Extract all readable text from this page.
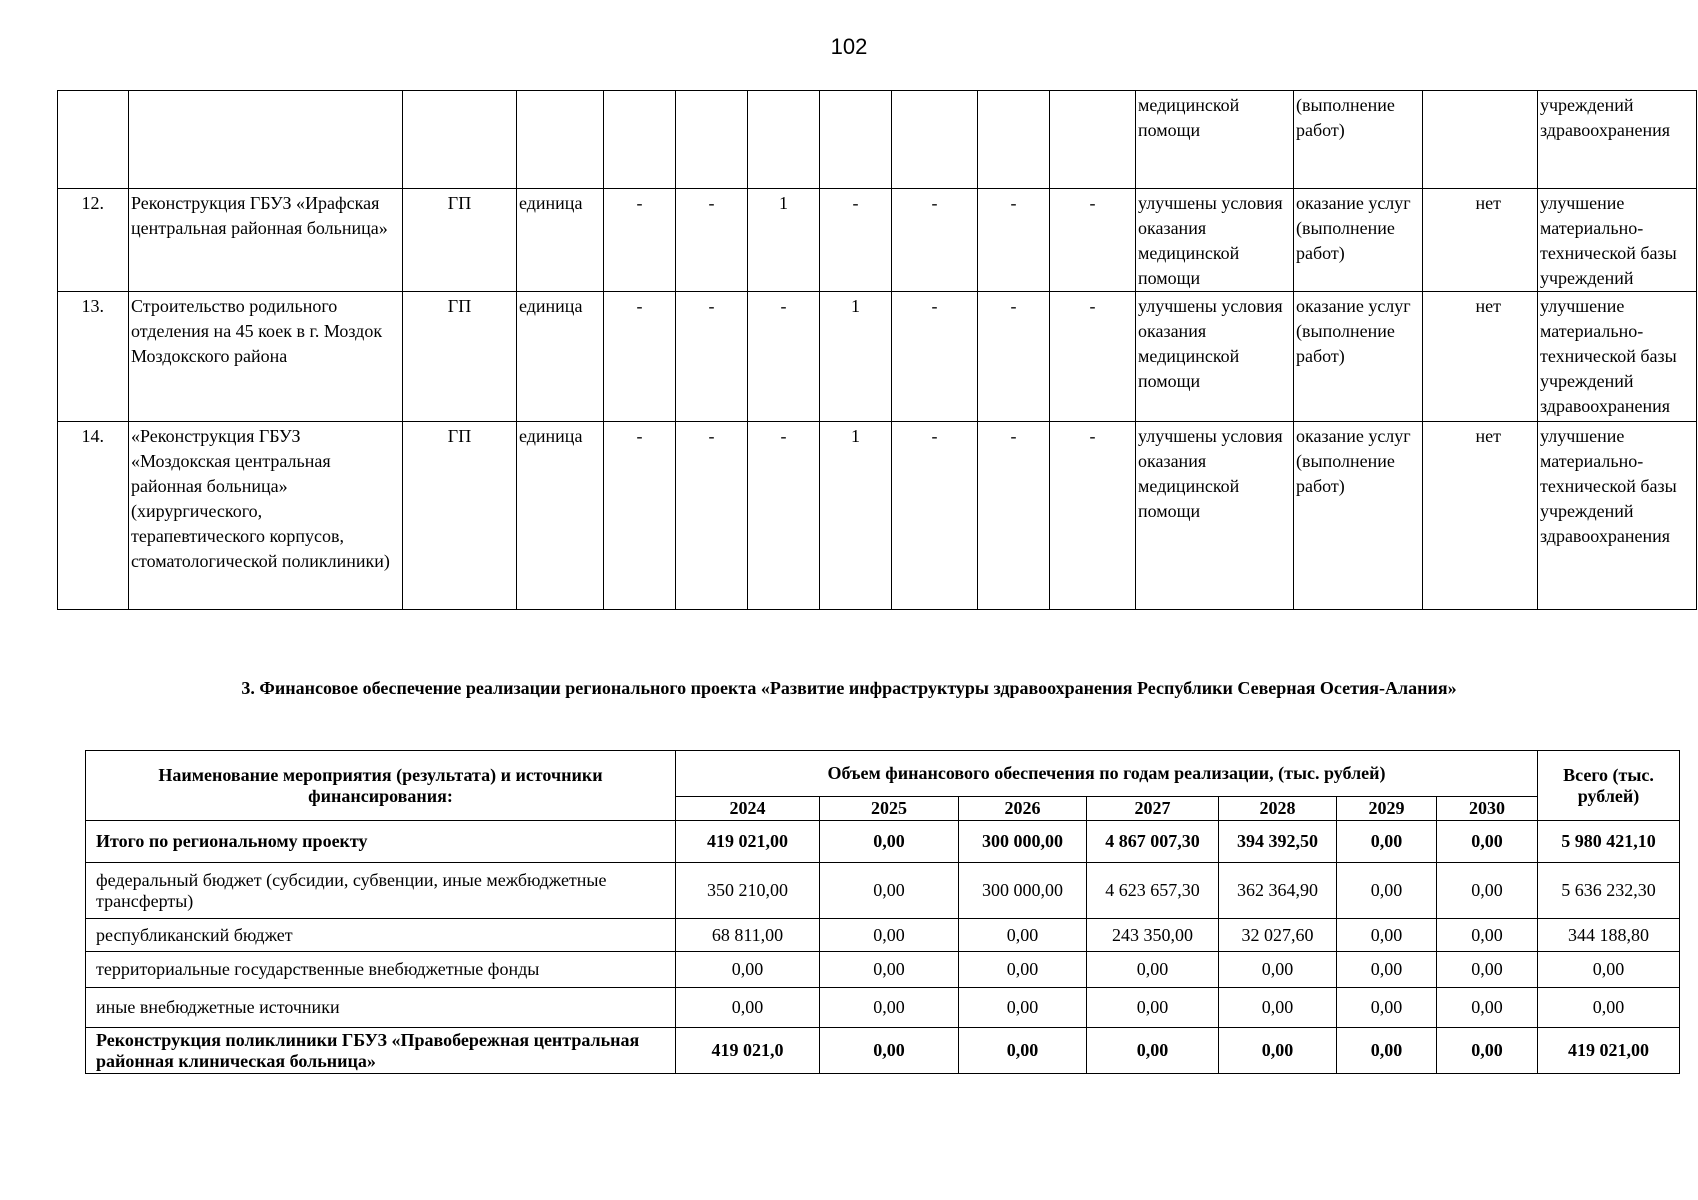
102
											медицинской помощи	(выполнение работ)		учреждений здравоохранения
12.	Реконструкция ГБУЗ «Ирафская центральная районная больница»	ГП	единица	-	-	1	-	-	-	-	улучшены условия оказания медицинской помощи	оказание услуг (выполнение работ)	нет	улучшение материально-технической базы учреждений
13.	Строительство родильного отделения на 45 коек в г. Моздок Моздокского района	ГП	единица	-	-	-	1	-	-	-	улучшены условия оказания медицинской помощи	оказание услуг (выполнение работ)	нет	улучшение материально-технической базы учреждений здравоохранения
14.	«Реконструкция ГБУЗ «Моздокская центральная районная больница» (хирургического, терапевтического корпусов, стоматологической поликлиники)	ГП	единица	-	-	-	1	-	-	-	улучшены условия оказания медицинской помощи	оказание услуг (выполнение работ)	нет	улучшение материально-технической базы учреждений здравоохранения
3. Финансовое обеспечение реализации регионального проекта «Развитие инфраструктуры здравоохранения Республики Северная Осетия-Алания»
Наименование мероприятия (результата) и источники финансирования:	Объем финансового обеспечения по годам реализации, (тыс. рублей)							Всего (тыс. рублей)
	2024	2025	2026	2027	2028	2029	2030	
Итого по региональному проекту	419 021,00	0,00	300 000,00	4 867 007,30	394 392,50	0,00	0,00	5 980 421,10
федеральный бюджет (субсидии, субвенции, иные межбюджетные трансферты)	350 210,00	0,00	300 000,00	4 623 657,30	362 364,90	0,00	0,00	5 636 232,30
республиканский бюджет	68 811,00	0,00	0,00	243 350,00	32 027,60	0,00	0,00	344 188,80
территориальные государственные внебюджетные фонды	0,00	0,00	0,00	0,00	0,00	0,00	0,00	0,00
иные внебюджетные источники	0,00	0,00	0,00	0,00	0,00	0,00	0,00	0,00
Реконструкция поликлиники ГБУЗ «Правобережная центральная районная клиническая больница»	419 021,0	0,00	0,00	0,00	0,00	0,00	0,00	419 021,00
